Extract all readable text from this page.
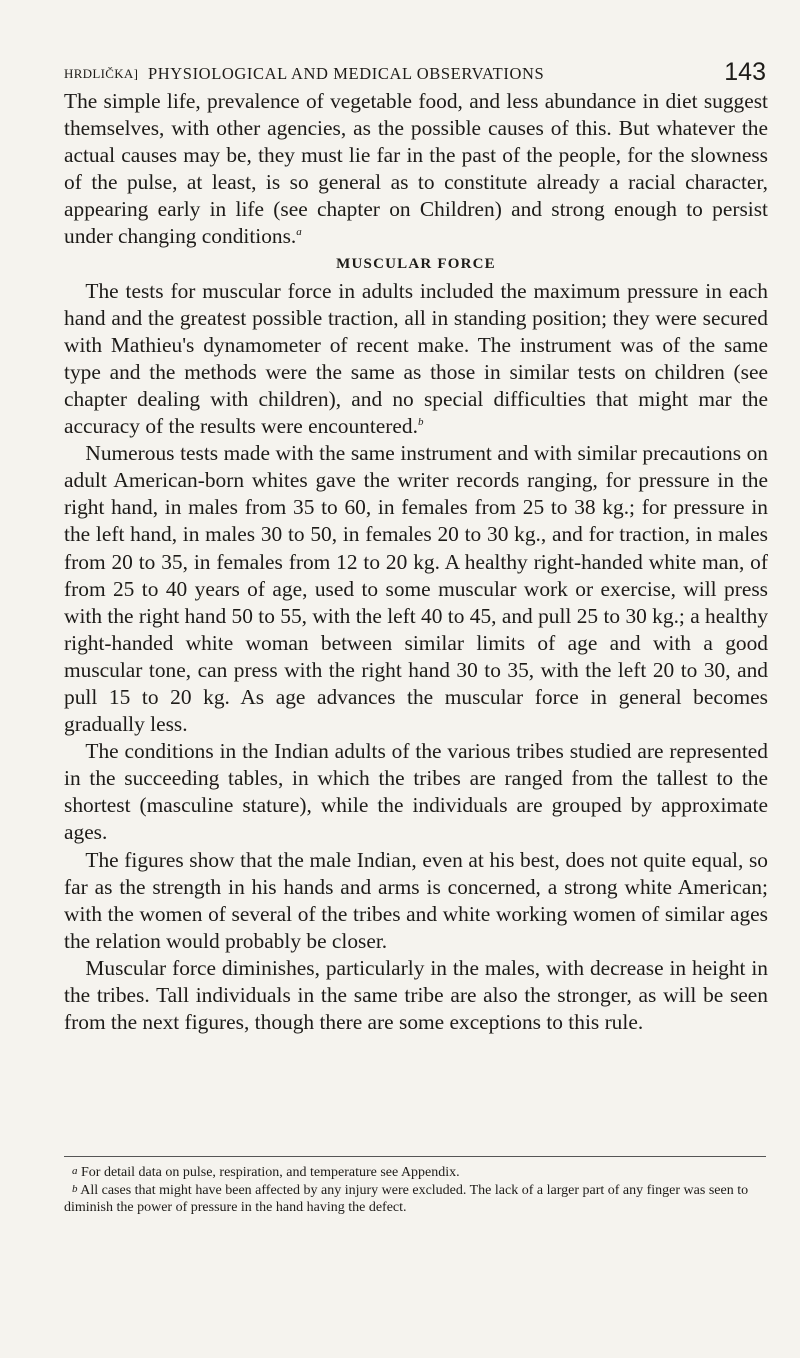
HRDLIČKA] PHYSIOLOGICAL AND MEDICAL OBSERVATIONS	143

The simple life, prevalence of vegetable food, and less abundance in diet suggest themselves, with other agencies, as the possible causes of this. But whatever the actual causes may be, they must lie far in the past of the people, for the slowness of the pulse, at least, is so general as to constitute already a racial character, appearing early in life (see chapter on Children) and strong enough to persist under changing conditions.$^a$

MUSCULAR FORCE

 The tests for muscular force in adults included the maximum pressure in each hand and the greatest possible traction, all in standing position; they were secured with Mathieu's dynamometer of recent make. The instrument was of the same type and the methods were the same as those in similar tests on children (see chapter dealing with children), and no special difficulties that might mar the accuracy of the results were encountered.$^b$

 Numerous tests made with the same instrument and with similar precautions on adult American-born whites gave the writer records ranging, for pressure in the right hand, in males from 35 to 60, in females from 25 to 38 kg.; for pressure in the left hand, in males 30 to 50, in females 20 to 30 kg., and for traction, in males from 20 to 35, in females from 12 to 20 kg. A healthy right-handed white man, of from 25 to 40 years of age, used to some muscular work or exercise, will press with the right hand 50 to 55, with the left 40 to 45, and pull 25 to 30 kg.; a healthy right-handed white woman between similar limits of age and with a good muscular tone, can press with the right hand 30 to 35, with the left 20 to 30, and pull 15 to 20 kg. As age advances the muscular force in general becomes gradually less.

 The conditions in the Indian adults of the various tribes studied are represented in the succeeding tables, in which the tribes are ranged from the tallest to the shortest (masculine stature), while the individuals are grouped by approximate ages.

 The figures show that the male Indian, even at his best, does not quite equal, so far as the strength in his hands and arms is concerned, a strong white American; with the women of several of the tribes and white working women of similar ages the relation would probably be closer.

 Muscular force diminishes, particularly in the males, with decrease in height in the tribes. Tall individuals in the same tribe are also the stronger, as will be seen from the next figures, though there are some exceptions to this rule.

a For detail data on pulse, respiration, and temperature see Appendix.

b All cases that might have been affected by any injury were excluded. The lack of a larger part of any finger was seen to diminish the power of pressure in the hand having the defect.
